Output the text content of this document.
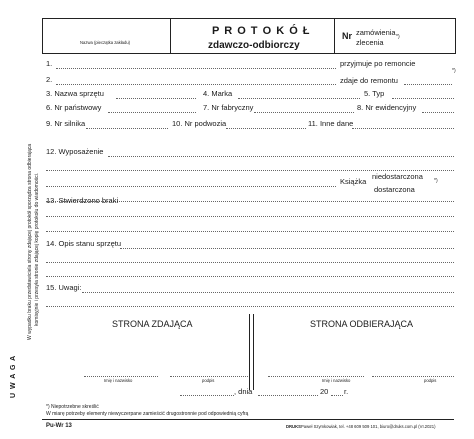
Nazwa (pieczątka zakładu)
P R O T O K Ó Ł
zdawczo-odbiorczy
Nr zamówienia
zlecenia
*)
U W A G A
W wypadku braku przedstawiciela strony zdającej protokół sporządza strona odbierająca komisyjnie i przesyła stronie zdającej kopię protokołu do wiadomości.
1.	przyjmuje po remoncie
*)
2.	zdaje do remontu
3. Nazwa sprzętu	4. Marka	5. Typ
6. Nr państwowy	7. Nr fabryczny	8. Nr ewidencyjny
9. Nr silnika	10. Nr podwozia	11. Inne dane
12. Wyposażenie
Książka
niedostarczona *)
dostarczona
13. Stwierdzono braki
14. Opis stanu sprzętu
15. Uwagi:
STRONA ZDAJĄCA	STRONA ODBIERAJĄCA
Imię i nazwisko	podpis	Imię i nazwisko	podpis
, dnia	20 r.
*) Niepotrzebne skreślić
W miarę potrzeby elementy niewyczerpane zamieścić drugostronnie pod odpowiednią cyfrą
Pu-Wr 13	DRUKS Paweł Szymkowiak, tel. +48 609 509 101, biuro@druks.com.pl (VI.2021)
